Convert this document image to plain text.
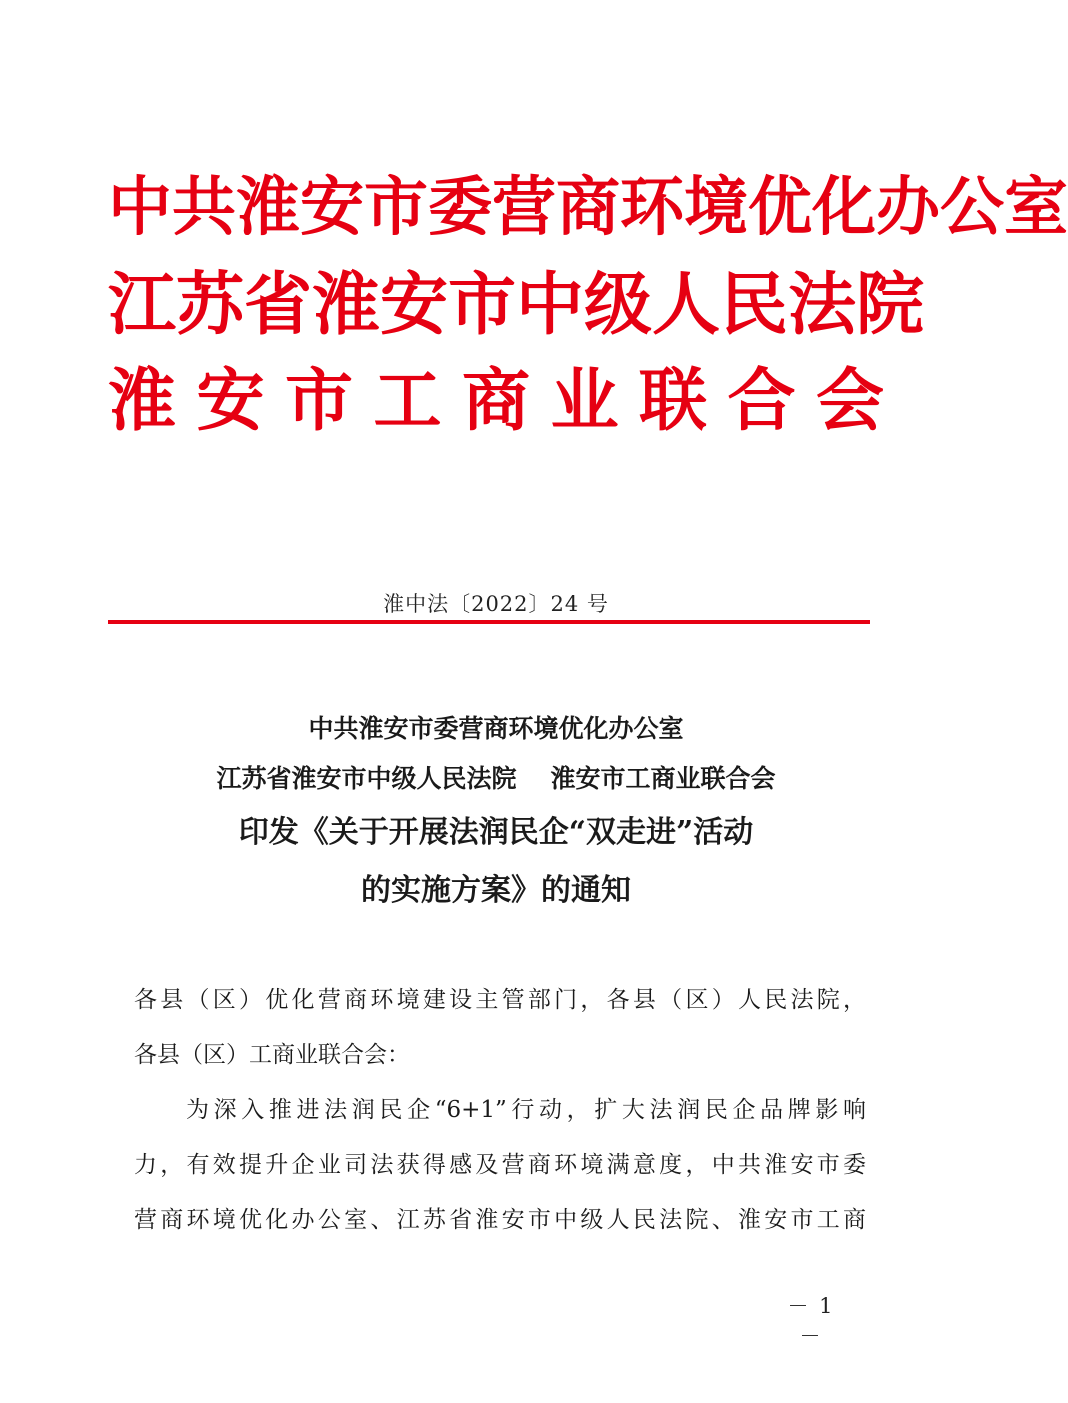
中共淮安市委营商环境优化办公室
江苏省淮安市中级人民法院
淮安市工商业联合会
淮中法〔2022〕24 号
中共淮安市委营商环境优化办公室
江苏省淮安市中级人民法院 淮安市工商业联合会
印发《关于开展法润民企“双走进”活动
的实施方案》的通知
各县（区）优化营商环境建设主管部门，各县（区）人民法院，
各县（区）工商业联合会：
为深入推进法润民企“6+1”行动，扩大法润民企品牌影响
力，有效提升企业司法获得感及营商环境满意度，中共淮安市委
营商环境优化办公室、江苏省淮安市中级人民法院、淮安市工商
－ 1 －
